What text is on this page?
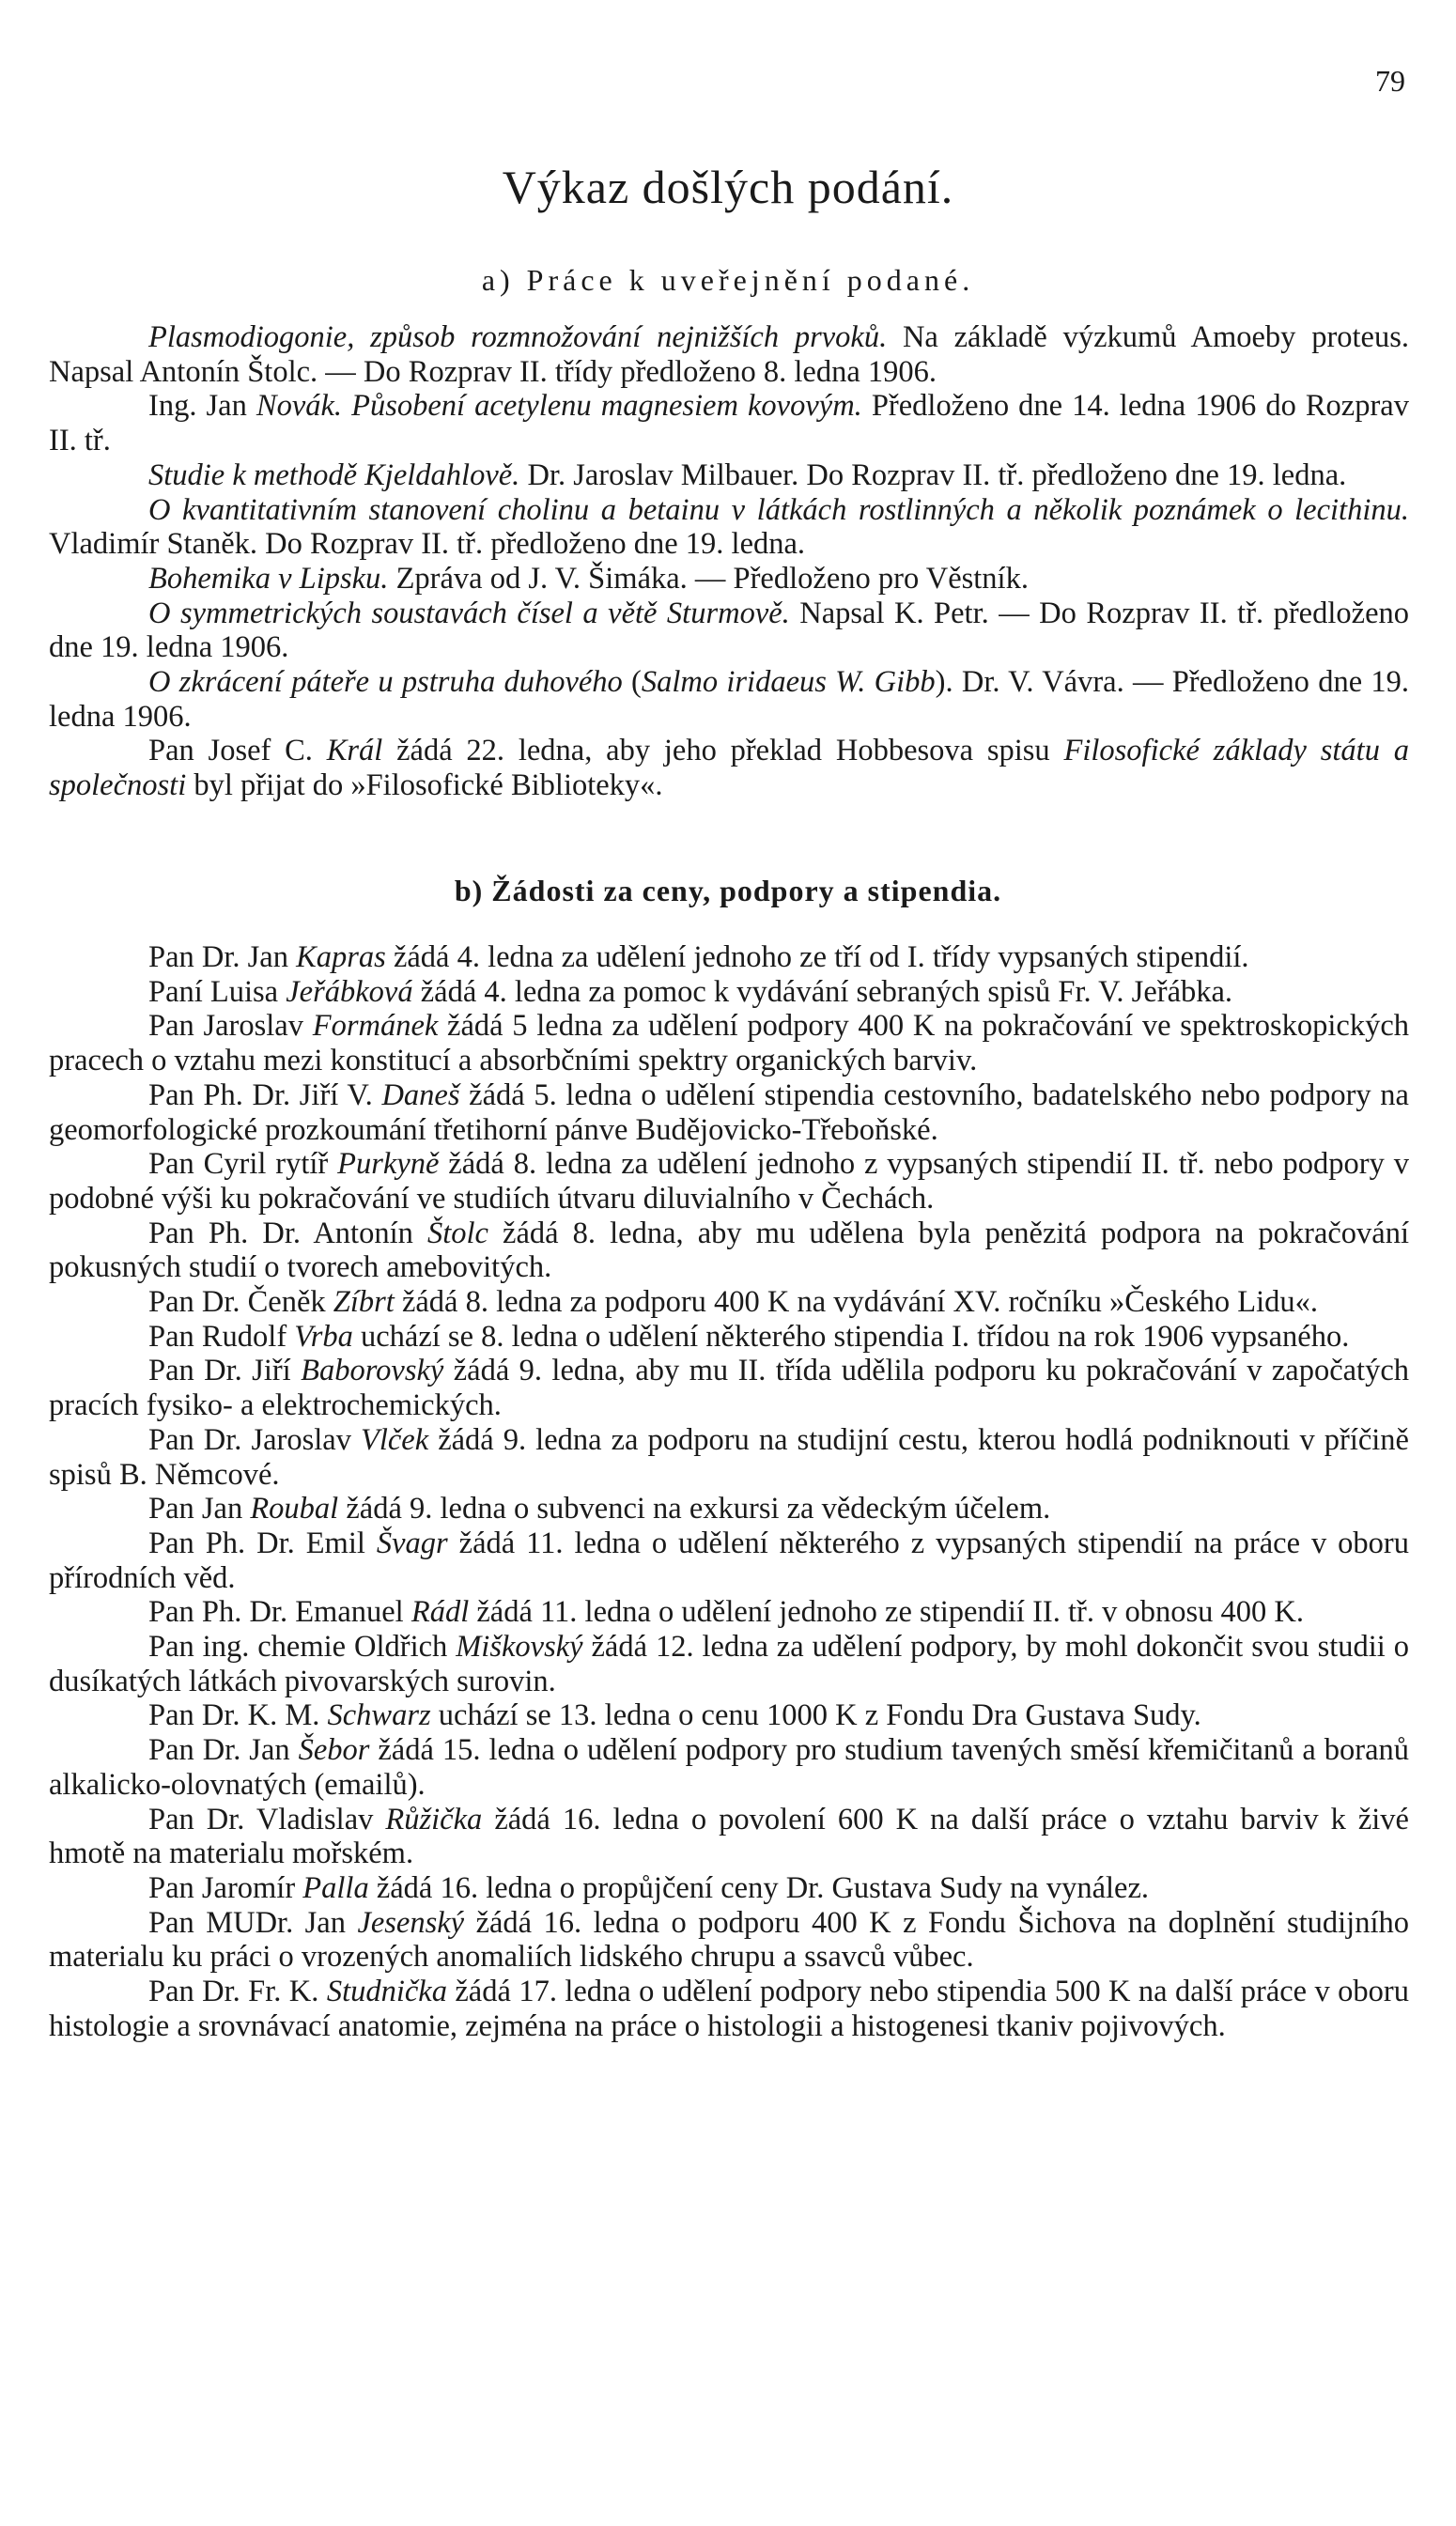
79
Výkaz došlých podání.
a) Práce k uveřejnění podané.

Plasmodiogonie, způsob rozmnožování nejnižších prvoků. Na základě výzkumů Amoeby proteus. Napsal Antonín Štolc. — Do Rozprav II. třídy předloženo 8. ledna 1906.

Ing. Jan Novák. Působení acetylenu magnesiem kovovým. Předloženo dne 14. ledna 1906 do Rozprav II. tř.

Studie k methodě Kjeldahlově. Dr. Jaroslav Milbauer. Do Rozprav II. tř. předloženo dne 19. ledna.

O kvantitativním stanovení cholinu a betainu v látkách rostlinných a několik poznámek o lecithinu. Vladimír Staněk. Do Rozprav II. tř. předloženo dne 19. ledna.

Bohemika v Lipsku. Zpráva od J. V. Šimáka. — Předloženo pro Věstník.

O symmetrických soustavách čísel a větě Sturmově. Napsal K. Petr. — Do Rozprav II. tř. předloženo dne 19. ledna 1906.

O zkrácení páteře u pstruha duhového (Salmo iridaeus W. Gibb). Dr. V. Vávra. — Předloženo dne 19. ledna 1906.

Pan Josef C. Král žádá 22. ledna, aby jeho překlad Hobbesova spisu Filosofické základy státu a společnosti byl přijat do »Filosofické Biblioteky«.

b) Žádosti za ceny, podpory a stipendia.

Pan Dr. Jan Kapras žádá 4. ledna za udělení jednoho ze tří od I. třídy vypsaných stipendií.

Paní Luisa Jeřábková žádá 4. ledna za pomoc k vydávání sebraných spisů Fr. V. Jeřábka.

Pan Jaroslav Formánek žádá 5 ledna za udělení podpory 400 K na pokračování ve spektroskopických pracech o vztahu mezi konstitucí a absorbčními spektry organických barviv.

Pan Ph. Dr. Jiří V. Daneš žádá 5. ledna o udělení stipendia cestovního, badatelského nebo podpory na geomorfologické prozkoumání třetihorní pánve Budějovicko-Třeboňské.

Pan Cyril rytíř Purkyně žádá 8. ledna za udělení jednoho z vypsaných stipendií II. tř. nebo podpory v podobné výši ku pokračování ve studiích útvaru diluvialního v Čechách.

Pan Ph. Dr. Antonín Štolc žádá 8. ledna, aby mu udělena byla penězitá podpora na pokračování pokusných studií o tvorech amebovitých.

Pan Dr. Čeněk Zíbrt žádá 8. ledna za podporu 400 K na vydávání XV. ročníku »Českého Lidu«.

Pan Rudolf Vrba uchází se 8. ledna o udělení některého stipendia I. třídou na rok 1906 vypsaného.

Pan Dr. Jiří Baborovský žádá 9. ledna, aby mu II. třída udělila podporu ku pokračování v započatých pracích fysiko- a elektrochemických.

Pan Dr. Jaroslav Vlček žádá 9. ledna za podporu na studijní cestu, kterou hodlá podniknouti v příčině spisů B. Němcové.

Pan Jan Roubal žádá 9. ledna o subvenci na exkursi za vědeckým účelem.

Pan Ph. Dr. Emil Švagr žádá 11. ledna o udělení některého z vypsaných stipendií na práce v oboru přírodních věd.

Pan Ph. Dr. Emanuel Rádl žádá 11. ledna o udělení jednoho ze stipendií II. tř. v obnosu 400 K.

Pan ing. chemie Oldřich Miškovský žádá 12. ledna za udělení podpory, by mohl dokončit svou studii o dusíkatých látkách pivovarských surovin.

Pan Dr. K. M. Schwarz uchází se 13. ledna o cenu 1000 K z Fondu Dra Gustava Sudy.

Pan Dr. Jan Šebor žádá 15. ledna o udělení podpory pro studium tavených směsí křemičitanů a boranů alkalicko-olovnatých (emailů).

Pan Dr. Vladislav Růžička žádá 16. ledna o povolení 600 K na další práce o vztahu barviv k živé hmotě na materialu mořském.

Pan Jaromír Palla žádá 16. ledna o propůjčení ceny Dr. Gustava Sudy na vynález.

Pan MUDr. Jan Jesenský žádá 16. ledna o podporu 400 K z Fondu Šichova na doplnění studijního materialu ku práci o vrozených anomaliích lidského chrupu a ssavců vůbec.

Pan Dr. Fr. K. Studnička žádá 17. ledna o udělení podpory nebo stipendia 500 K na další práce v oboru histologie a srovnávací anatomie, zejména na práce o histologii a histogenesi tkaniv pojivových.
